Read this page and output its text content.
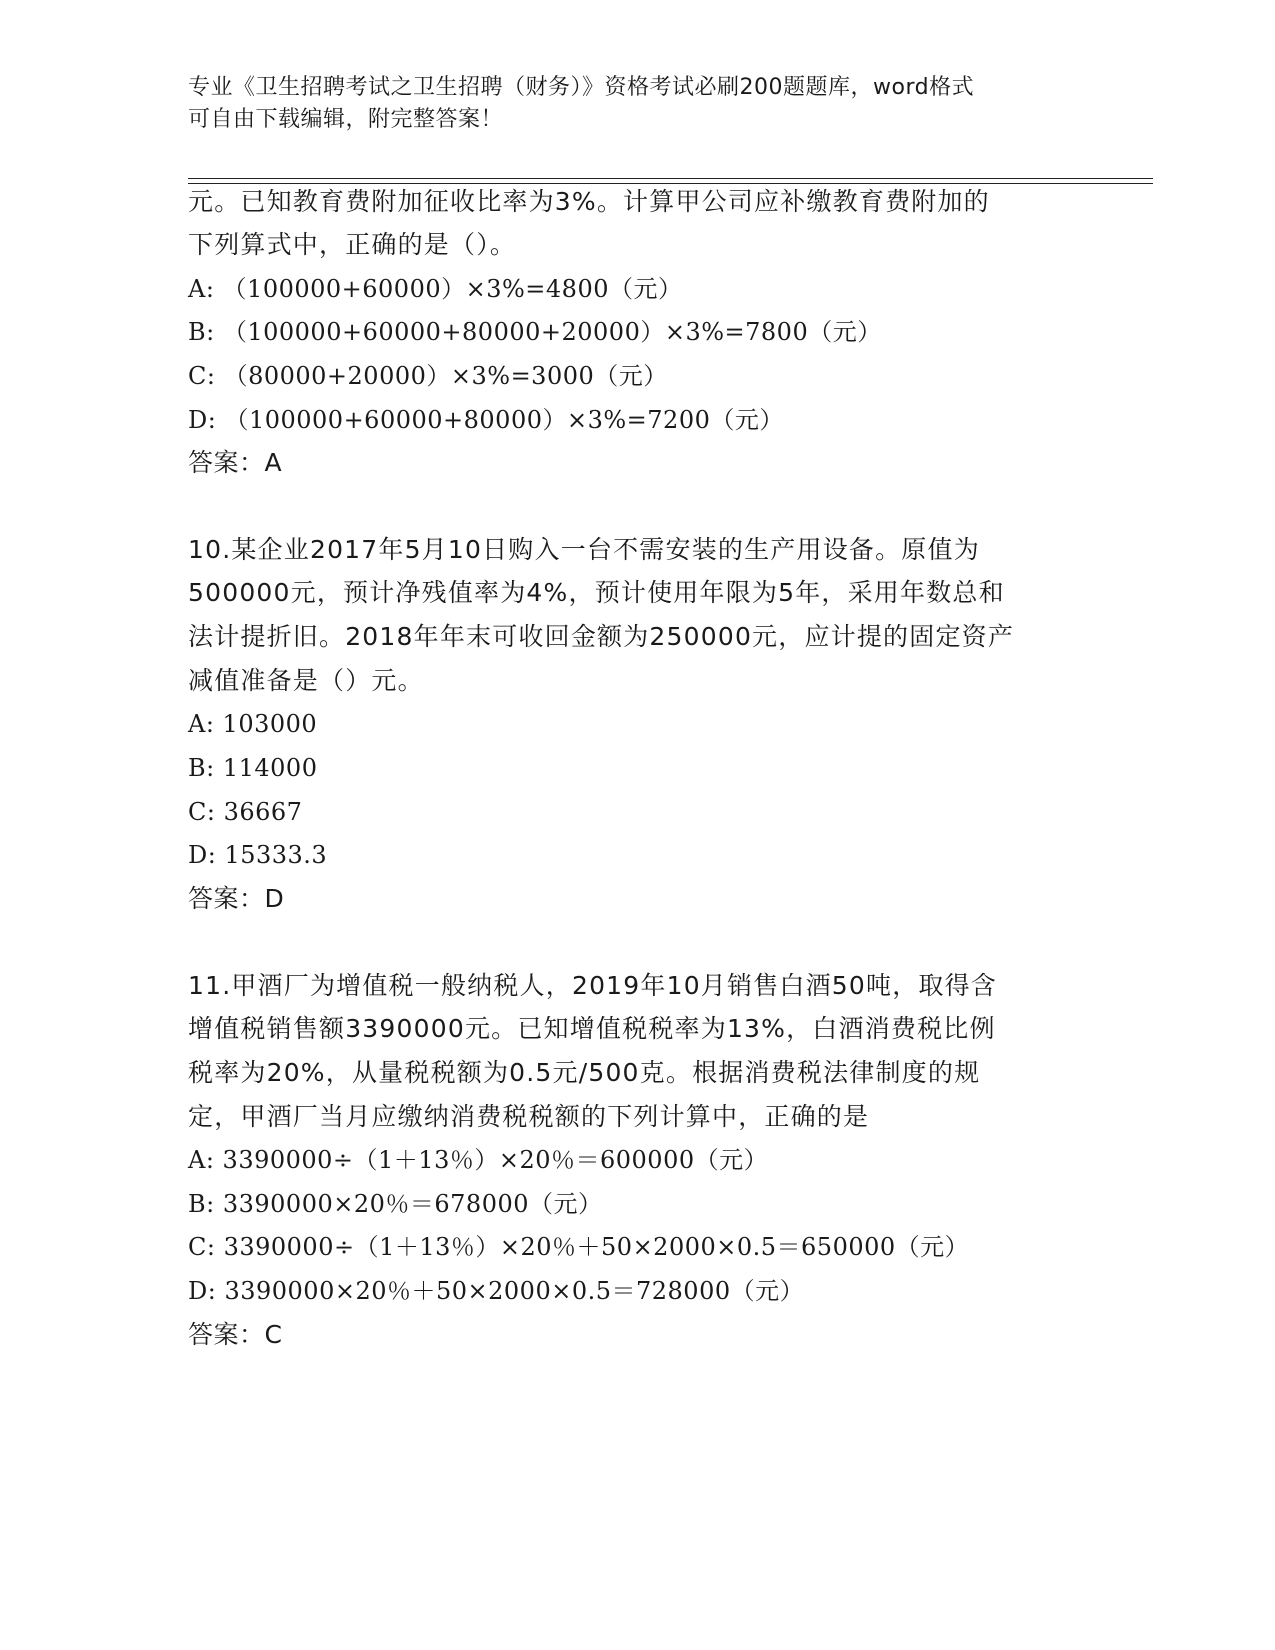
专业《卫生招聘考试之卫生招聘（财务）》资格考试必刷200题题库，word格式
可自由下载编辑，附完整答案！
元。已知教育费附加征收比率为3%。计算甲公司应补缴教育费附加的
下列算式中，正确的是（）。
A: （100000+60000）×3%=4800（元）
B: （100000+60000+80000+20000）×3%=7800（元）
C: （80000+20000）×3%=3000（元）
D: （100000+60000+80000）×3%=7200（元）
答案：A
10.某企业2017年5月10日购入一台不需安装的生产用设备。原值为
500000元，预计净残值率为4%，预计使用年限为5年，采用年数总和
法计提折旧。2018年年末可收回金额为250000元，应计提的固定资产
减值准备是（）元。
A: 103000
B: 114000
C: 36667
D: 15333.3
答案：D
11.甲酒厂为增值税一般纳税人，2019年10月销售白酒50吨，取得含
增值税销售额3390000元。已知增值税税率为13%，白酒消费税比例
税率为20%，从量税税额为0.5元/500克。根据消费税法律制度的规
定，甲酒厂当月应缴纳消费税税额的下列计算中，正确的是
A: 3390000÷（1＋13％）×20％＝600000（元）
B: 3390000×20％＝678000（元）
C: 3390000÷（1＋13％）×20％＋50×2000×0.5＝650000（元）
D: 3390000×20％＋50×2000×0.5＝728000（元）
答案：C
